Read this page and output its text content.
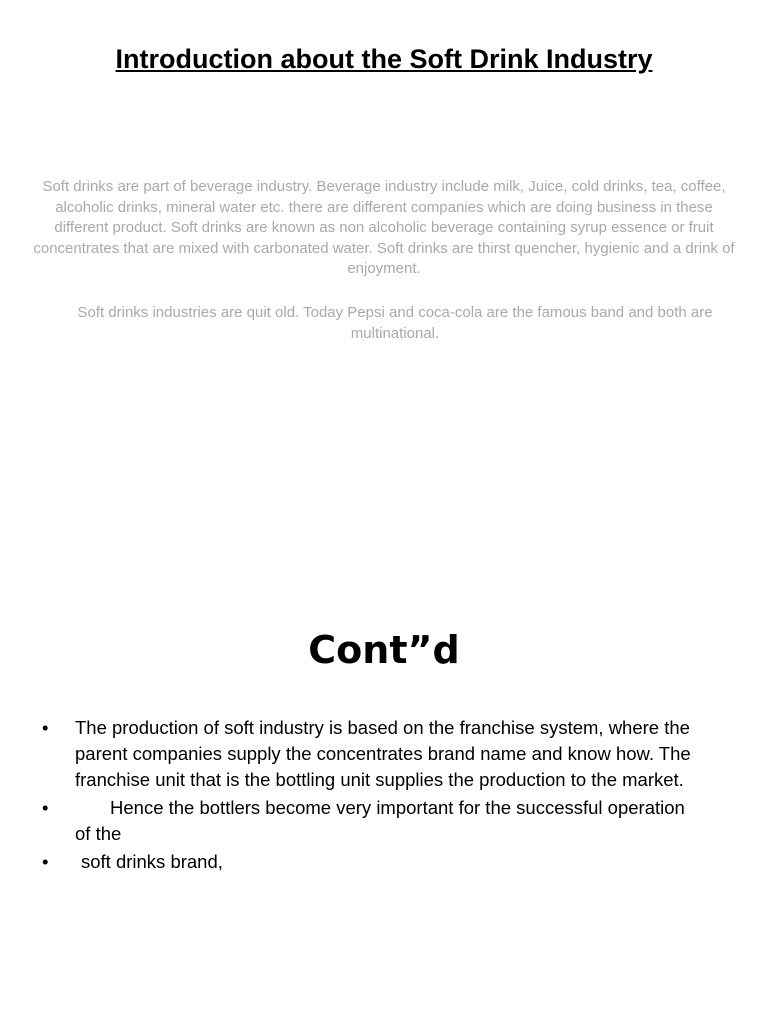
Introduction about the Soft Drink Industry

Soft drinks are part of beverage industry. Beverage industry include milk, Juice, cold drinks, tea, coffee, alcoholic drinks, mineral water etc. there are different companies which are doing business in these different product. Soft drinks are known as non alcoholic beverage containing syrup essence or fruit concentrates that are mixed with carbonated water. Soft drinks are thirst quencher, hygienic and a drink of enjoyment.

Soft drinks industries are quit old. Today Pepsi and coca-cola are the famous band and both are multinational.

Cont”d
•
The production of soft industry is based on the franchise system, where the parent companies supply the concentrates brand name and know how. The franchise unit that is the bottling unit supplies the production to the market.
•
Hence the bottlers become very important for the successful operation of the
•
soft drinks brand,
